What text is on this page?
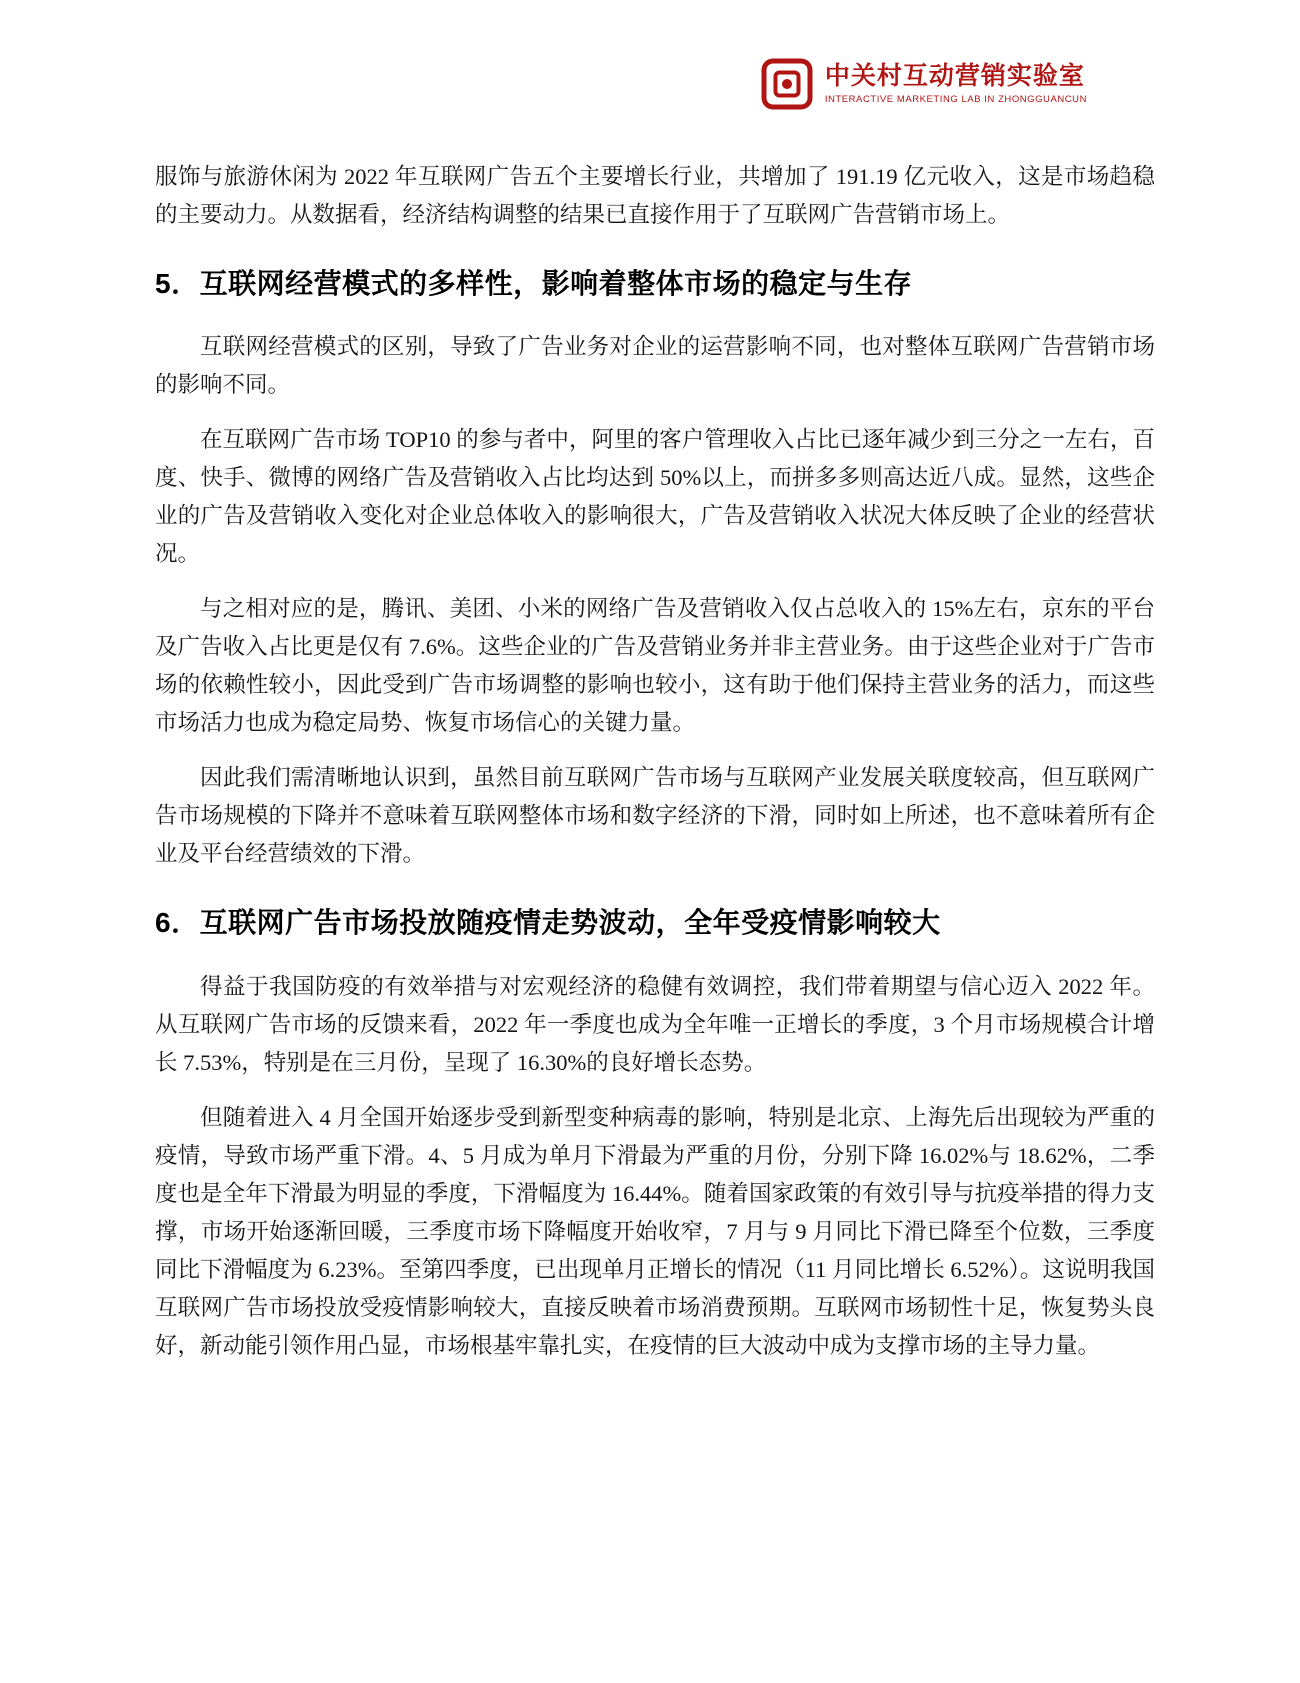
中关村互动营销实验室
INTERACTIVE MARKETING LAB IN ZHONGGUANCUN

服饰与旅游休闲为 2022 年互联网广告五个主要增长行业，共增加了 191.19 亿元收入，这是市场趋稳的主要动力。从数据看，经济结构调整的结果已直接作用于了互联网广告营销市场上。

5．互联网经营模式的多样性，影响着整体市场的稳定与生存

互联网经营模式的区别，导致了广告业务对企业的运营影响不同，也对整体互联网广告营销市场的影响不同。

在互联网广告市场 TOP10 的参与者中，阿里的客户管理收入占比已逐年减少到三分之一左右，百度、快手、微博的网络广告及营销收入占比均达到 50%以上，而拼多多则高达近八成。显然，这些企业的广告及营销收入变化对企业总体收入的影响很大，广告及营销收入状况大体反映了企业的经营状况。

与之相对应的是，腾讯、美团、小米的网络广告及营销收入仅占总收入的 15%左右，京东的平台及广告收入占比更是仅有 7.6%。这些企业的广告及营销业务并非主营业务。由于这些企业对于广告市场的依赖性较小，因此受到广告市场调整的影响也较小，这有助于他们保持主营业务的活力，而这些市场活力也成为稳定局势、恢复市场信心的关键力量。

因此我们需清晰地认识到，虽然目前互联网广告市场与互联网产业发展关联度较高，但互联网广告市场规模的下降并不意味着互联网整体市场和数字经济的下滑，同时如上所述，也不意味着所有企业及平台经营绩效的下滑。

6．互联网广告市场投放随疫情走势波动，全年受疫情影响较大

得益于我国防疫的有效举措与对宏观经济的稳健有效调控，我们带着期望与信心迈入 2022 年。从互联网广告市场的反馈来看，2022 年一季度也成为全年唯一正增长的季度，3 个月市场规模合计增长 7.53%，特别是在三月份，呈现了 16.30%的良好增长态势。

但随着进入 4 月全国开始逐步受到新型变种病毒的影响，特别是北京、上海先后出现较为严重的疫情，导致市场严重下滑。4、5 月成为单月下滑最为严重的月份，分别下降 16.02%与 18.62%，二季度也是全年下滑最为明显的季度，下滑幅度为 16.44%。随着国家政策的有效引导与抗疫举措的得力支撑，市场开始逐渐回暖，三季度市场下降幅度开始收窄，7 月与 9 月同比下滑已降至个位数，三季度同比下滑幅度为 6.23%。至第四季度，已出现单月正增长的情况（11 月同比增长 6.52%）。这说明我国互联网广告市场投放受疫情影响较大，直接反映着市场消费预期。互联网市场韧性十足，恢复势头良好，新动能引领作用凸显，市场根基牢靠扎实，在疫情的巨大波动中成为支撑市场的主导力量。
